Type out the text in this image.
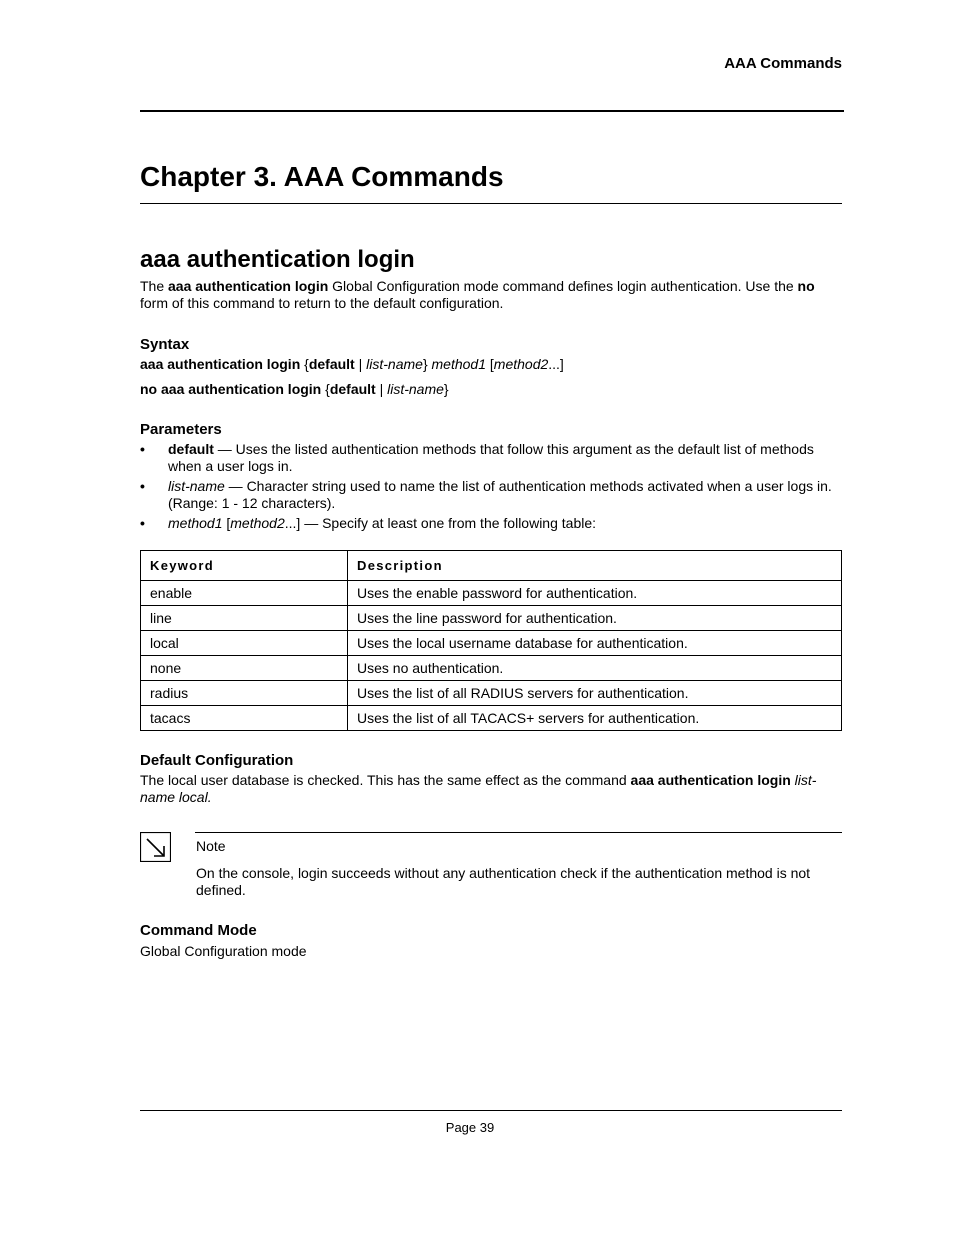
AAA Commands
Chapter 3. AAA Commands
aaa authentication login

The aaa authentication login Global Configuration mode command defines login authentication. Use the no form of this command to return to the default configuration.

Syntax

aaa authentication login {default | list-name} method1 [method2...]

no aaa authentication login {default | list-name}

Parameters
• default — Uses the listed authentication methods that follow this argument as the default list of methods when a user logs in.
• list-name — Character string used to name the list of authentication methods activated when a user logs in. (Range: 1 - 12 characters).
• method1 [method2...] — Specify at least one from the following table:
Keyword	Description
enable	Uses the enable password for authentication.
line	Uses the line password for authentication.
local	Uses the local username database for authentication.
none	Uses no authentication.
radius	Uses the list of all RADIUS servers for authentication.
tacacs	Uses the list of all TACACS+ servers for authentication.
Default Configuration

The local user database is checked. This has the same effect as the command aaa authentication login list-name local.

Note
On the console, login succeeds without any authentication check if the authentication method is not defined.
Command Mode

Global Configuration mode

Page 39
